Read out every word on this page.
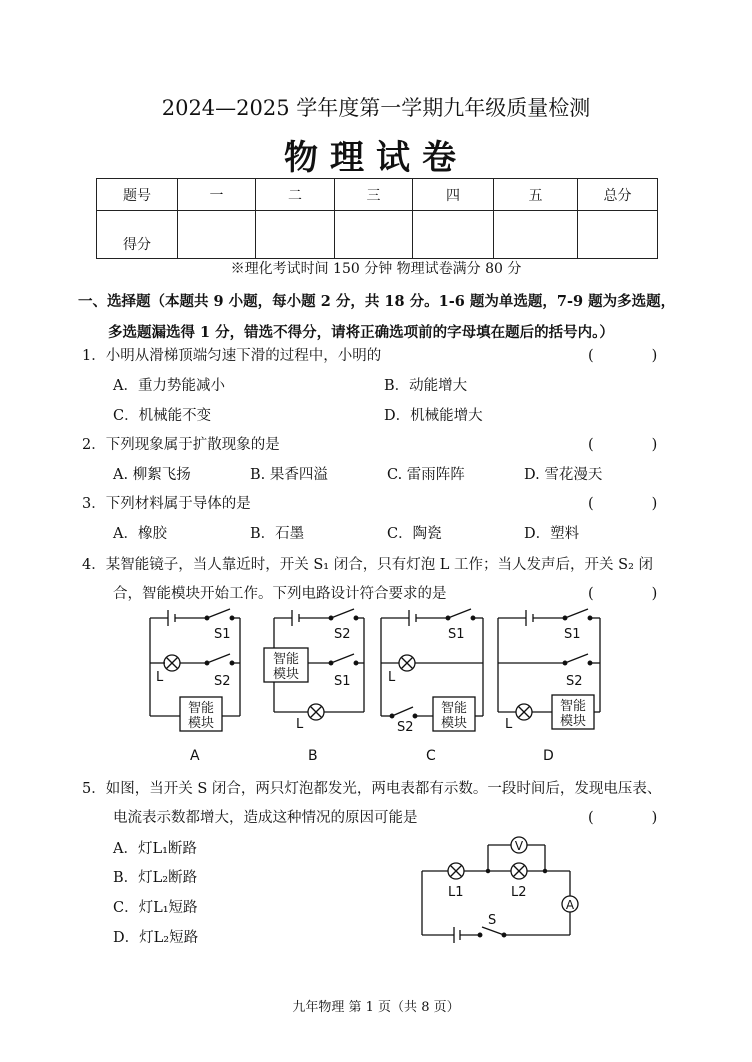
2024—2025 学年度第一学期九年级质量检测
物理试卷
题号	一	二	三	四	五	总分
得分						
※理化考试时间 150 分钟 物理试卷满分 80 分
一、选择题（本题共 9 小题，每小题 2 分，共 18 分。1-6 题为单选题，7-9 题为多选题，
多选题漏选得 1 分，错选不得分，请将正确选项前的字母填在题后的括号内。）
1．小明从滑梯顶端匀速下滑的过程中，小明的	(　　　　)
A．重力势能减小	B．动能增大
C．机械能不变	D．机械能增大
2．下列现象属于扩散现象的是	(　　　　)
A. 柳絮飞扬	B. 果香四溢	C. 雷雨阵阵	D. 雪花漫天
3．下列材料属于导体的是	(　　　　)
A．橡胶	B．石墨	C．陶瓷	D．塑料
4．某智能镜子，当人靠近时，开关 S₁ 闭合，只有灯泡 L 工作；当人发声后，开关 S₂ 闭
合，智能模块开始工作。下列电路设计符合要求的是	(　　　　)
S1
S2
L
智能
模块
S2
S1
L
智能
模块
S1
L
S2
智能
模块
S1
S2
L
智能
模块
A	B	C	D
5．如图，当开关 S 闭合，两只灯泡都发光，两电表都有示数。一段时间后，发现电压表、
电流表示数都增大，造成这种情况的原因可能是	(　　　　)
A．灯L₁断路
B．灯L₂断路
C．灯L₁短路
D．灯L₂短路
V
A
L1	L2
S
九年物理 第 1 页（共 8 页）
